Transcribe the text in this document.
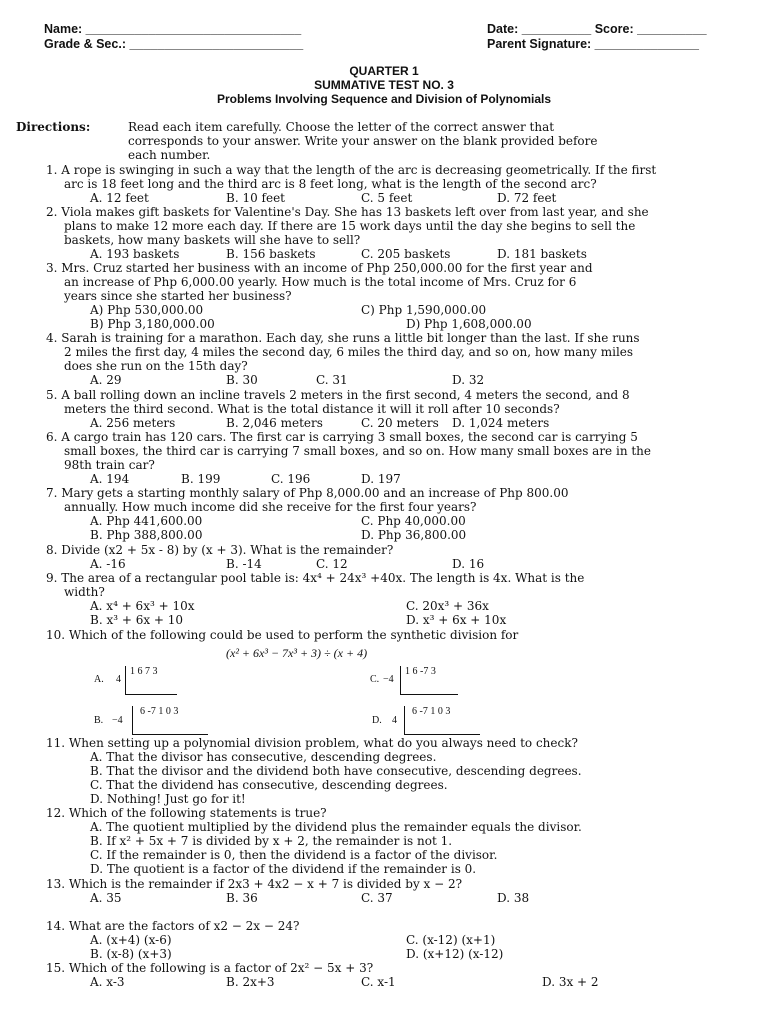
Name: _______________________________
Grade & Sec.: _________________________
Date: __________ Score: __________
Parent Signature: _______________
QUARTER 1
SUMMATIVE TEST NO. 3
Problems Involving Sequence and Division of Polynomials
Directions:	Read each item carefully. Choose the letter of the correct answer that
corresponds to your answer. Write your answer on the blank provided before
each number.
1. A rope is swinging in such a way that the length of the arc is decreasing geometrically. If the first
arc is 18 feet long and the third arc is 8 feet long, what is the length of the second arc?
A. 12 feet	B. 10 feet	C. 5 feet	D. 72 feet
2. Viola makes gift baskets for Valentine's Day. She has 13 baskets left over from last year, and she
plans to make 12 more each day. If there are 15 work days until the day she begins to sell the
baskets, how many baskets will she have to sell?
A. 193 baskets	B. 156 baskets	C. 205 baskets	D. 181 baskets
3. Mrs. Cruz started her business with an income of Php 250,000.00 for the first year and
an increase of Php 6,000.00 yearly. How much is the total income of Mrs. Cruz for 6
years since she started her business?
A) Php 530,000.00	C) Php 1,590,000.00
B) Php 3,180,000.00	D) Php 1,608,000.00
4. Sarah is training for a marathon. Each day, she runs a little bit longer than the last. If she runs
2 miles the first day, 4 miles the second day, 6 miles the third day, and so on, how many miles
does she run on the 15th day?
A. 29	B. 30	C. 31	D. 32
5. A ball rolling down an incline travels 2 meters in the first second, 4 meters the second, and 8
meters the third second. What is the total distance it will it roll after 10 seconds?
A. 256 meters	B. 2,046 meters	C. 20 meters D. 1,024 meters
6. A cargo train has 120 cars. The first car is carrying 3 small boxes, the second car is carrying 5
small boxes, the third car is carrying 7 small boxes, and so on. How many small boxes are in the
98th train car?
A. 194	B. 199	C. 196	D. 197
7. Mary gets a starting monthly salary of Php 8,000.00 and an increase of Php 800.00
annually. How much income did she receive for the first four years?
A. Php 441,600.00	C. Php 40,000.00
B. Php 388,800.00	D. Php 36,800.00
8. Divide (x2 + 5x - 8) by (x + 3). What is the remainder?
A. -16	B. -14	C. 12	D. 16
9. The area of a rectangular pool table is: 4x⁴ + 24x³ +40x. The length is 4x. What is the
width?
A. x⁴ + 6x³ + 10x	C. 20x³ + 36x
B. x³ + 6x + 10	D. x³ + 6x + 10x
10. Which of the following could be used to perform the synthetic division for
(x² + 6x³ − 7x³ + 3) ÷ (x + 4)
A. 4
1 6 7 3
C. −4
1 6 -7 3
B. −4
6 -7 1 0 3
D. 4
6 -7 1 0 3
11. When setting up a polynomial division problem, what do you always need to check?
A. That the divisor has consecutive, descending degrees.
B. That the divisor and the dividend both have consecutive, descending degrees.
C. That the dividend has consecutive, descending degrees.
D. Nothing! Just go for it!
12. Which of the following statements is true?
A. The quotient multiplied by the dividend plus the remainder equals the divisor.
B. If x² + 5x + 7 is divided by x + 2, the remainder is not 1.
C. If the remainder is 0, then the dividend is a factor of the divisor.
D. The quotient is a factor of the dividend if the remainder is 0.
13. Which is the remainder if 2x3 + 4x2 − x + 7 is divided by x − 2?
A. 35	B. 36	C. 37	D. 38
14. What are the factors of x2 − 2x − 24?
A. (x+4) (x-6)	C. (x-12) (x+1)
B. (x-8) (x+3)	D. (x+12) (x-12)
15. Which of the following is a factor of 2x² − 5x + 3?
A. x-3	B. 2x+3	C. x-1	D. 3x + 2
